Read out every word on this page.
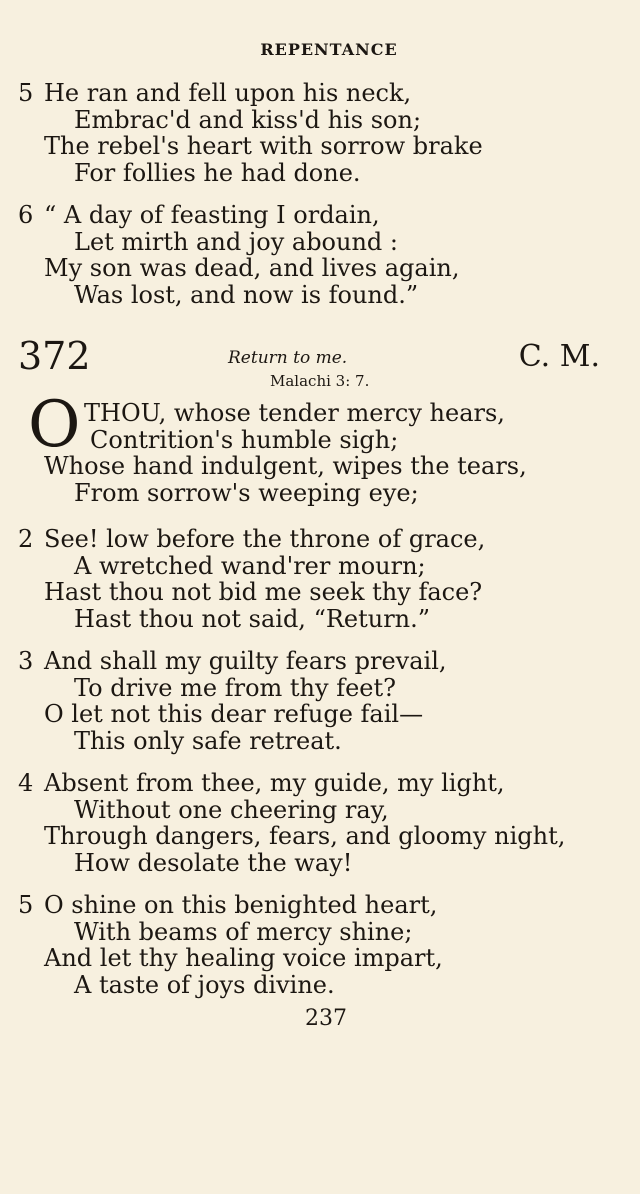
REPENTANCE
5 He ran and fell upon his neck,
Embrac'd and kiss'd his son;
The rebel's heart with sorrow brake
For follies he had done.
6 “ A day of feasting I ordain,
Let mirth and joy abound :
My son was dead, and lives again,
Was lost, and now is found.”
372	Return to me.
Malachi 3: 7.
C. M.
O THOU, whose tender mercy hears,
Contrition's humble sigh;
Whose hand indulgent, wipes the tears,
From sorrow's weeping eye;
2 See! low before the throne of grace,
A wretched wand'rer mourn;
Hast thou not bid me seek thy face?
Hast thou not said, “Return.”
3 And shall my guilty fears prevail,
To drive me from thy feet?
O let not this dear refuge fail—
This only safe retreat.
4 Absent from thee, my guide, my light,
Without one cheering ray,
Through dangers, fears, and gloomy night,
How desolate the way!
5 O shine on this benighted heart,
With beams of mercy shine;
And let thy healing voice impart,
A taste of joys divine.
237
